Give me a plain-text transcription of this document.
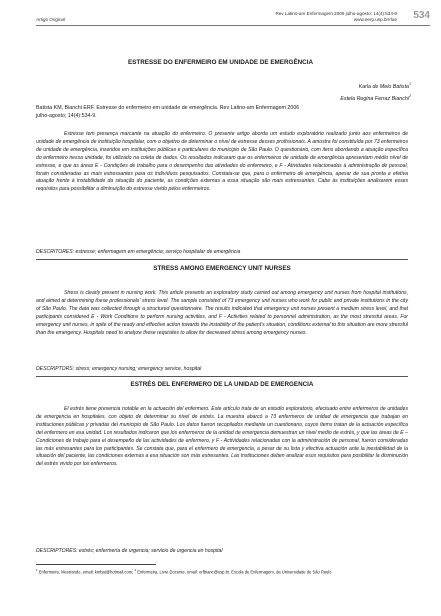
Artigo Original
Rev Latino-am Enfermagem 2006 julho-agosto; 14(4):534-9
www.eerp.usp.br/rlae 534
ESTRESSE DO ENFERMEIRO EM UNIDADE DE EMERGÊNCIA
Karla de Melo Batista$^1$
Estela Regina Ferraz Bianchi$^2$
Batista KM, Bianchi ERF. Estresse do enfermeiro em unidade de emergência. Rev Latino-am Enfermagem 2006
julho-agosto; 14(4):534-9.
Estresse tem presença marcante na atuação do enfermeiro. O presente artigo aborda um estudo exploratório realizado junto aos enfermeiros de unidade de emergência de instituição hospitalar, com o objetivo de determinar o nível de estresse desses profissionais. A amostra foi constituída por 73 enfermeiros de unidade de emergência, inseridos em instituições públicas e particulares do município de São Paulo. O questionário, com itens abordando a atuação específica do enfermeiro nessa unidade, foi utilizado na coleta de dados. Os resultados indicaram que os enfermeiros de unidade de emergência apresentam médio nível de estresse, e que as áreas E - Condições de trabalho para o desempenho das atividades do enfermeiro, e F - Atividades relacionadas à administração de pessoal, foram consideradas as mais estressantes para os indivíduos pesquisados. Constata-se que, para o enfermeiro de emergência, apesar de sua pronta e efetiva atuação frente à instabilidade da situação do paciente, as condições externas a essa situação são mais estressantes. Cabe às instituições analisarem esses requisitos para possibilitar a diminuição do estresse vivido pelos enfermeiros.
DESCRITORES: estresse; enfermagem em emergência; serviço hospitalar de emergência
STRESS AMONG EMERGENCY UNIT NURSES
Stress is clearly present in nursing work. This article presents an exploratory study carried out among emergency unit nurses from hospital institutions, and aimed at determining these professionals' stress level. The sample consisted of 73 emergency unit nurses who work for public and private institutions in the city of São Paulo. The data was collected through a structured questionnaire. The results indicated that emergency unit nurses present a medium stress level, and that participants considered E - Work Conditions to perform nursing activities, and F - Activities related to personnel administration, as the most stressful areas. For emergency unit nurses, in spite of the ready and effective action towards the instability of the patient's situation, conditions external to this situation are more stressful than the emergency. Hospitals need to analyze these requisites to allow for decreased stress among emergency nurses.
DESCRIPTORS: stress; emergency nursing; emergency service, hospital
ESTRÉS DEL ENFERMERO DE LA UNIDAD DE EMERGENCIA
El estrés tiene presencia notable en la actuación del enfermero. Este artículo trata de un estudio exploratorio, efectuado entre enfermeros de unidades de emergencia en hospitales, con objeto de determinar su nivel de estrés. La muestra abarcó a 73 enfermeros de unidad de emergencia que trabajan en instituciones públicas y privadas del municipio de São Paulo. Los datos fueron recopilados mediante un cuestionario, cuyos ítems tratan de la actuación específica del enfermero en esa unidad. Los resultados indicaron que los enfermeros de la unidad de emergencia demuestran un nivel medio de estrés, y que las áreas de E – Condiciones de trabajo para el desempeño de las actividades de enfermero, y F - Actividades relacionadas con la administración de personal, fueron consideradas las más estresantes para los participantes. Se constata que, para el enfermero de emergencia, a pesar de su lista y efectiva actuación ante la inestabilidad de la situación del paciente, las condiciones externas a esa situación son más estresantes. Las instituciones deben analizar esos requisitos para posibilitar la disminución del estrés vivido por los enfermeros.
DESCRIPTORES: estrés; enfermería de urgencia; servicio de urgencia en hospital
$^1$ Enfermeira, Mestrando, email: kmbat@hotmail.com; $^2$ Enfermeira, Livre Docente, email: erfbianc@usp.br. Escola de Enfermagem, da Universidade de São Paulo
